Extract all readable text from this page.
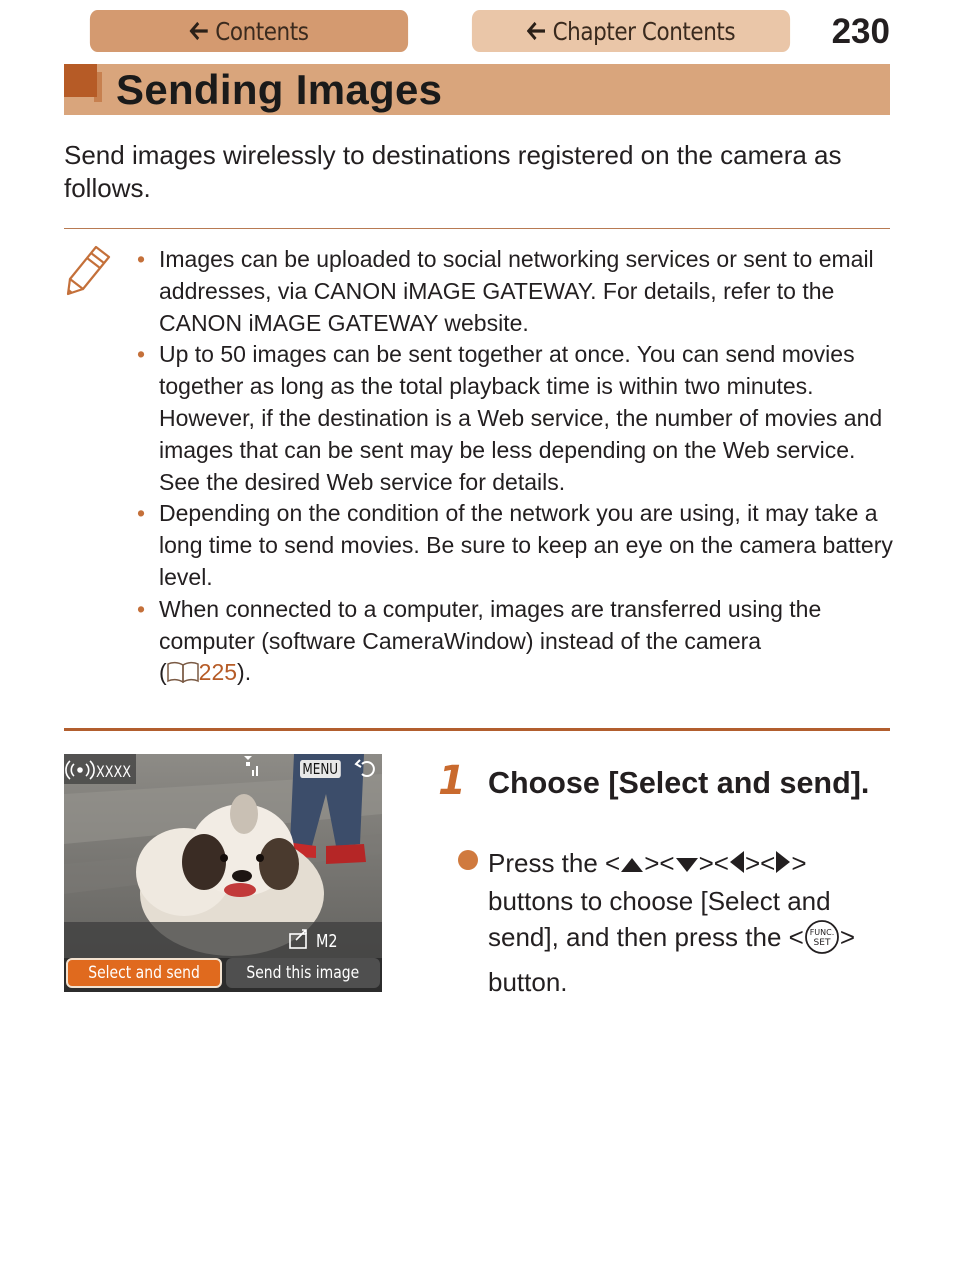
Contents	Chapter Contents	230
Sending Images
Send images wirelessly to destinations registered on the camera as follows.
• Images can be uploaded to social networking services or sent to email addresses, via CANON iMAGE GATEWAY. For details, refer to the CANON iMAGE GATEWAY website.
• Up to 50 images can be sent together at once. You can send movies together as long as the total playback time is within two minutes. However, if the destination is a Web service, the number of movies and images that can be sent may be less depending on the Web service. See the desired Web service for details.
• Depending on the condition of the network you are using, it may take a long time to send movies. Be sure to keep an eye on the camera battery level.
• When connected to a computer, images are transferred using the computer (software CameraWindow) instead of the camera
( 225).
XXXX	MENU
M2
Select and send	Send this image
1 Choose [Select and send].
Press the < >< >< >< > buttons to choose [Select and send], and then press the < FUNC.
SET > button.
